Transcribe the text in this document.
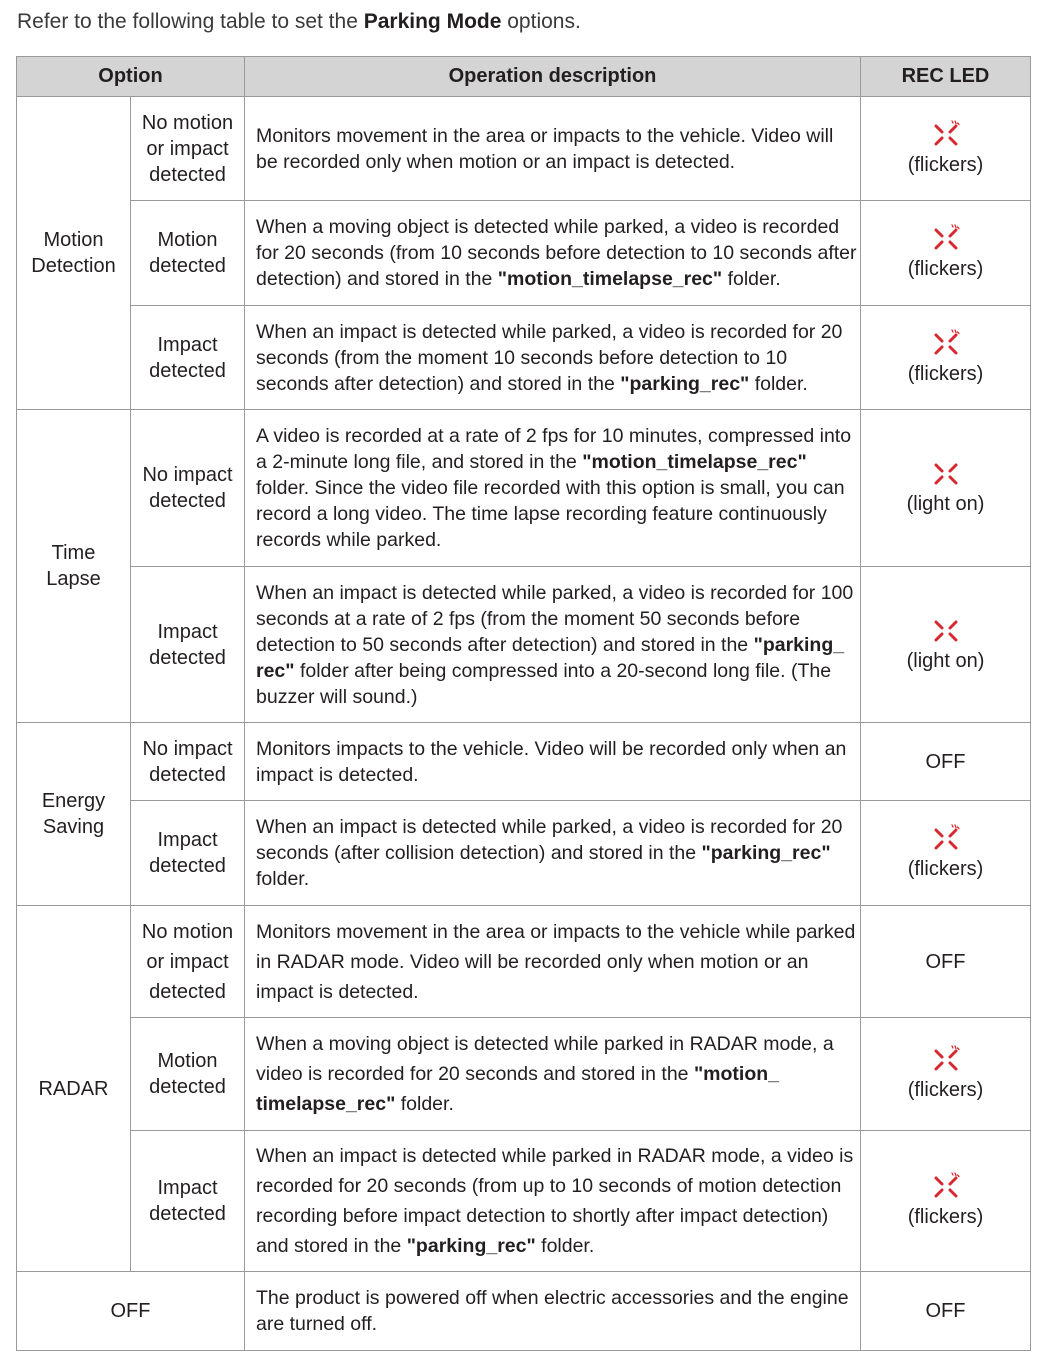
Refer to the following table to set the Parking Mode options.
Option		Operation description	REC LED
Motion
Detection	No motion
or impact
detected	Monitors movement in the area or impacts to the vehicle. Video will be recorded only when motion or an impact is detected.	(flickers)

	Motion
detected	When a moving object is detected while parked, a video is recorded for 20 seconds (from 10 seconds before detection to 10 seconds after detection) and stored in the "motion_timelapse_rec" folder.	(flickers)

	Impact
detected	When an impact is detected while parked, a video is recorded for 20 seconds (from the moment 10 seconds before detection to 10 seconds after detection) and stored in the "parking_rec" folder.	(flickers)

Time
Lapse	No impact
detected	A video is recorded at a rate of 2 fps for 10 minutes, compressed into a 2-minute long file, and stored in the "motion_timelapse_rec" folder. Since the video file recorded with this option is small, you can record a long video. The time lapse recording feature continuously records while parked.	(light on)

	Impact
detected	When an impact is detected while parked, a video is recorded for 100 seconds at a rate of 2 fps (from the moment 50 seconds before detection to 50 seconds after detection) and stored in the "parking_ rec" folder after being compressed into a 20-second long file. (The buzzer will sound.)	(light on)

Energy
Saving	No impact
detected	Monitors impacts to the vehicle. Video will be recorded only when an impact is detected.	OFF

	Impact
detected	When an impact is detected while parked, a video is recorded for 20 seconds (after collision detection) and stored in the "parking_rec" folder.	(flickers)

RADAR	No motion
or impact
detected	Monitors movement in the area or impacts to the vehicle while parked in RADAR mode. Video will be recorded only when motion or an impact is detected.	OFF

	Motion
detected	When a moving object is detected while parked in RADAR mode, a video is recorded for 20 seconds and stored in the "motion_ timelapse_rec" folder.	(flickers)

	Impact
detected	When an impact is detected while parked in RADAR mode, a video is recorded for 20 seconds (from up to 10 seconds of motion detection recording before impact detection to shortly after impact detection) and stored in the "parking_rec" folder.	(flickers)

OFF		The product is powered off when electric accessories and the engine are turned off.	OFF
